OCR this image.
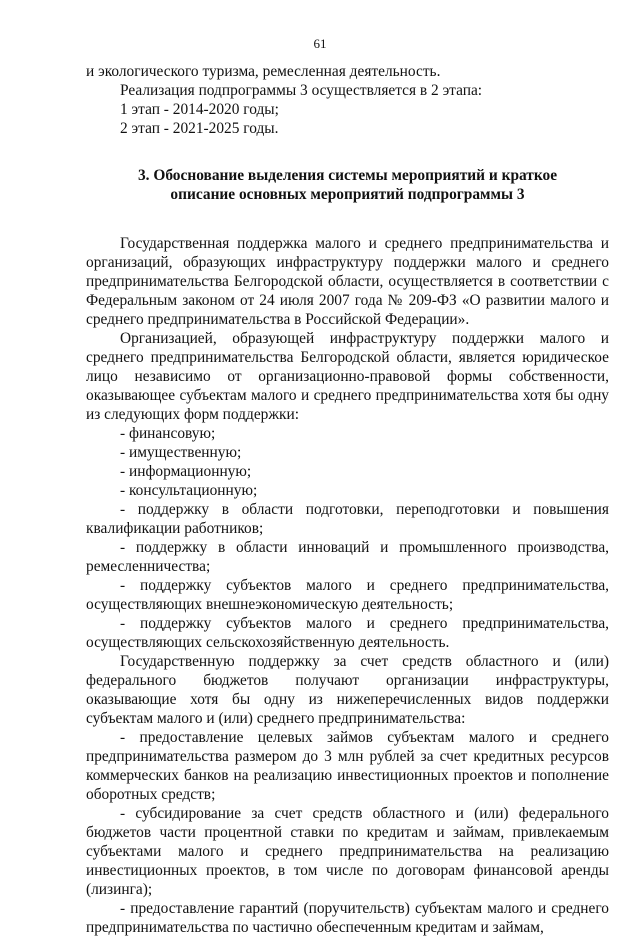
61

и экологического туризма, ремесленная деятельность.

Реализация подпрограммы 3 осуществляется в 2 этапа:

1 этап - 2014-2020 годы;

2 этап - 2021-2025 годы.

3. Обоснование выделения системы мероприятий и краткое
описание основных мероприятий подпрограммы 3

Государственная поддержка малого и среднего предпринимательства и организаций, образующих инфраструктуру поддержки малого и среднего предпринимательства Белгородской области, осуществляется в соответствии с Федеральным законом от 24 июля 2007 года № 209-ФЗ «О развитии малого и среднего предпринимательства в Российской Федерации».

Организацией, образующей инфраструктуру поддержки малого и среднего предпринимательства Белгородской области, является юридическое лицо независимо от организационно-правовой формы собственности, оказывающее субъектам малого и среднего предпринимательства хотя бы одну из следующих форм поддержки:

- финансовую;

- имущественную;

- информационную;

- консультационную;

- поддержку в области подготовки, переподготовки и повышения квалификации работников;

- поддержку в области инноваций и промышленного производства, ремесленничества;

- поддержку субъектов малого и среднего предпринимательства, осуществляющих внешнеэкономическую деятельность;

- поддержку субъектов малого и среднего предпринимательства, осуществляющих сельскохозяйственную деятельность.

Государственную поддержку за счет средств областного и (или) федерального бюджетов получают организации инфраструктуры, оказывающие хотя бы одну из нижеперечисленных видов поддержки субъектам малого и (или) среднего предпринимательства:

- предоставление целевых займов субъектам малого и среднего предпринимательства размером до 3 млн рублей за счет кредитных ресурсов коммерческих банков на реализацию инвестиционных проектов и пополнение оборотных средств;

- субсидирование за счет средств областного и (или) федерального бюджетов части процентной ставки по кредитам и займам, привлекаемым субъектами малого и среднего предпринимательства на реализацию инвестиционных проектов, в том числе по договорам финансовой аренды (лизинга);

- предоставление гарантий (поручительств) субъектам малого и среднего предпринимательства по частично обеспеченным кредитам и займам,
